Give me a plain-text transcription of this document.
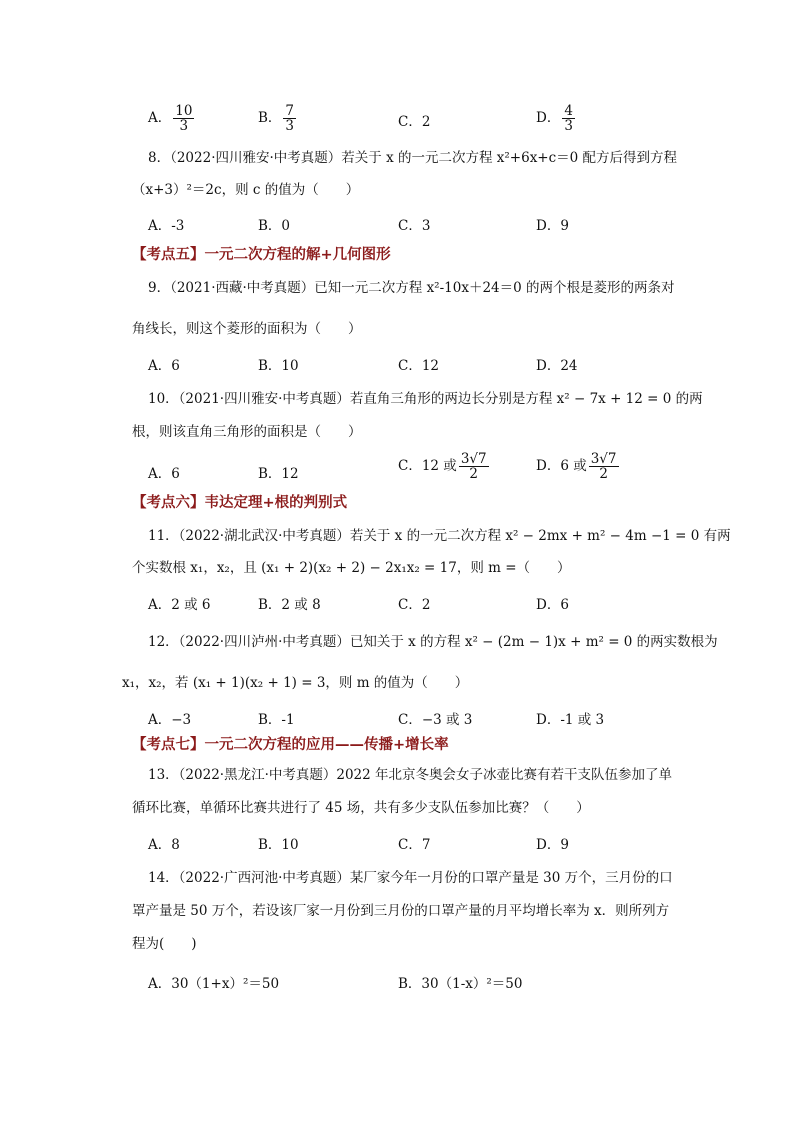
A． $\frac{10}{3}$	B． $\frac{7}{3}$	C．2	D． $\frac{4}{3}$
8．（2022·四川雅安·中考真题）若关于 x 的一元二次方程 x²+6x+c＝0 配方后得到方程
（x+3）²＝2c，则 c 的值为（　　）
A．-3	B．0	C．3	D．9
【考点五】一元二次方程的解+几何图形
9．（2021·西藏·中考真题）已知一元二次方程 x²-10x＋24＝0 的两个根是菱形的两条对
角线长，则这个菱形的面积为（　　）
A．6	B．10	C．12	D．24
10．（2021·四川雅安·中考真题）若直角三角形的两边长分别是方程 x² − 7x + 12 = 0 的两
根，则该直角三角形的面积是（　　）
A．6	B．12	C．12 或 $\frac{3√7}{2}$	D．6 或 $\frac{3√7}{2}$
【考点六】韦达定理+根的判别式
11．（2022·湖北武汉·中考真题）若关于 x 的一元二次方程 x² − 2mx + m² − 4m −1 = 0 有两
个实数根 x₁，x₂，且 (x₁ + 2)(x₂ + 2) − 2x₁x₂ = 17，则 m =（　　）
A．2 或 6	B．2 或 8	C．2	D．6
12．（2022·四川泸州·中考真题）已知关于 x 的方程 x² − (2m − 1)x + m² = 0 的两实数根为
x₁，x₂，若 (x₁ + 1)(x₂ + 1) = 3，则 m 的值为（　　）
A．−3	B．-1	C．−3 或 3	D．-1 或 3
【考点七】一元二次方程的应用——传播+增长率
13．（2022·黑龙江·中考真题）2022 年北京冬奥会女子冰壶比赛有若干支队伍参加了单
循环比赛，单循环比赛共进行了 45 场，共有多少支队伍参加比赛？（　　）
A．8	B．10	C．7	D．9
14．（2022·广西河池·中考真题）某厂家今年一月份的口罩产量是 30 万个，三月份的口
罩产量是 50 万个，若设该厂家一月份到三月份的口罩产量的月平均增长率为 x．则所列方
程为(　　)
A．30（1+x）²＝50	B．30（1-x）²＝50
